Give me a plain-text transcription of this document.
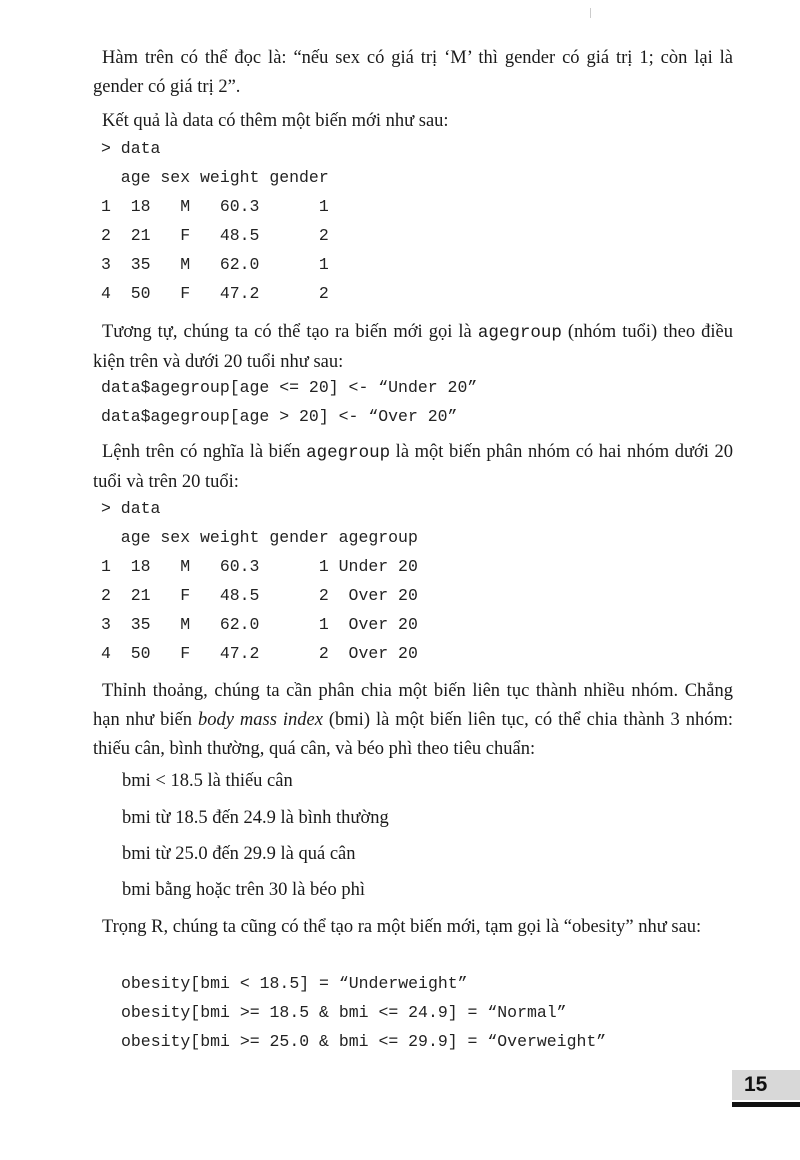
Hàm trên có thể đọc là: “nếu sex có giá trị ‘M’ thì gender có giá trị 1; còn lại là gender có giá trị 2”.
Kết quả là data có thêm một biến mới như sau:
> data
age sex weight gender
1  18   M   60.3      1
2  21   F   48.5      2
3  35   M   62.0      1
4  50   F   47.2      2
Tương tự, chúng ta có thể tạo ra biến mới gọi là agegroup (nhóm tuổi) theo điều kiện trên và dưới 20 tuổi như sau:
data$agegroup[age <= 20] <- “Under 20”
data$agegroup[age > 20] <- “Over 20”
Lệnh trên có nghĩa là biến agegroup là một biến phân nhóm có hai nhóm dưới 20 tuổi và trên 20 tuổi:
> data
age sex weight gender agegroup
1  18   M   60.3      1 Under 20
2  21   F   48.5      2  Over 20
3  35   M   62.0      1  Over 20
4  50   F   47.2      2  Over 20
Thỉnh thoảng, chúng ta cần phân chia một biến liên tục thành nhiều nhóm. Chẳng hạn như biến body mass index (bmi) là một biến liên tục, có thể chia thành 3 nhóm: thiếu cân, bình thường, quá cân, và béo phì theo tiêu chuẩn:
bmi < 18.5 là thiếu cân
bmi từ 18.5 đến 24.9 là bình thường
bmi từ 25.0 đến 29.9 là quá cân
bmi bằng hoặc trên 30 là béo phì
Trọng R, chúng ta cũng có thể tạo ra một biến mới, tạm gọi là “obesity” như sau:
obesity[bmi < 18.5] = “Underweight”
obesity[bmi >= 18.5 & bmi <= 24.9] = “Normal”
obesity[bmi >= 25.0 & bmi <= 29.9] = “Overweight”
15
